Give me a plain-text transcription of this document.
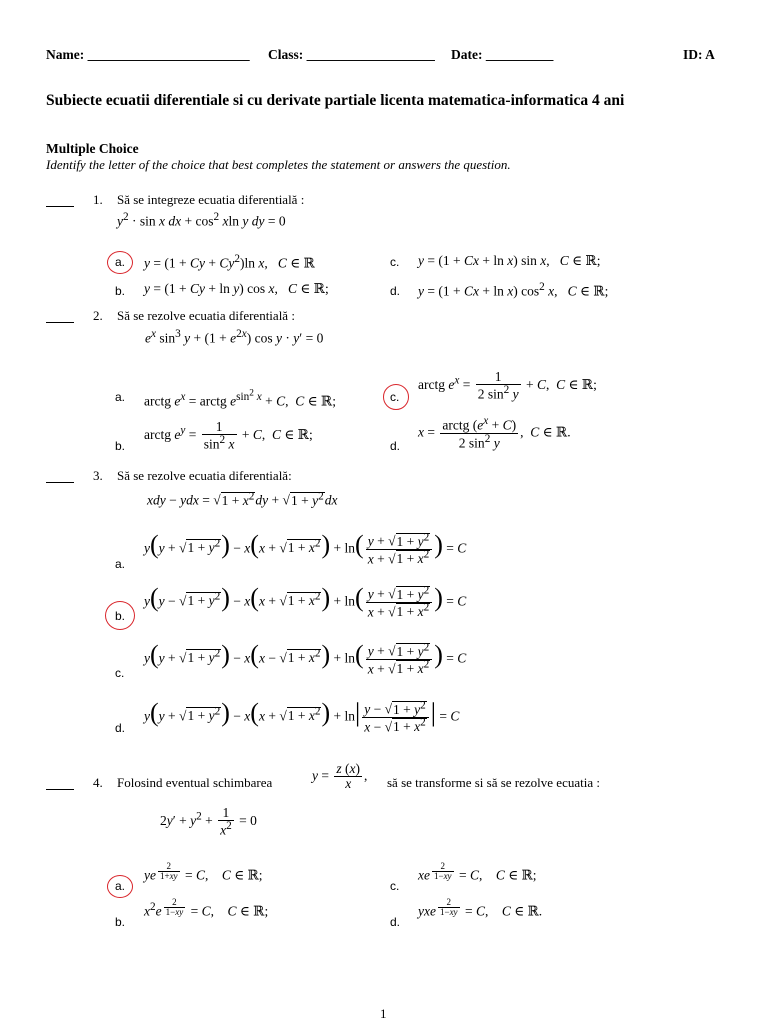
Name: ________________________ Class: ___________________ Date: __________	ID: A
Subiecte ecuatii diferentiale si cu derivate partiale licenta matematica-informatica 4 ani
Multiple Choice
Identify the letter of the choice that best completes the statement or answers the question.
1. Să se integreze ecuatia diferentială :
$y^2 \cdot \sin x$ dx + $\cos^2 xln$ y dy = 0
a. $y = (1 + Cy + Cy^2)\ln$ x,   C ∈ ℝ	c. y = (1 + Cx + ln x) sin x,   C ∈ ℝ;
b. y = (1 + Cy + ln y) cos x,   C ∈ ℝ;	d. y = (1 + Cx + ln x) $\cos^2 x$,   C ∈ ℝ;
2. Să se rezolve ecuatia diferentială :
$e^x$ $\sin^3 y + (1 + e^{2x})$ cos y · y′ = 0
a. arctg $e^x$ = arctg $e^{sin^2 x} + C$,  C ∈ ℝ;	c.
arctg $e^x = \frac{1}{2 \sin^2 y} + C$,  C ∈ ℝ;
b.
arctg $e^y = \frac{1}{\sin^2 x} + C$,  C ∈ ℝ;
d.
$x = \frac{arctg (e^x + C)}{2 \sin^2 y}$ ,  C ∈ ℝ.
3. Să se rezolve ecuatia diferentială:
xdy − ydx = $√1 + x^2dy + √1 + y^2dx$
a.
$y(y + √1 + y^2) - x(x + √1 + x^2) + \ln( \frac{y + √1 + y^2}{x + √1 + x^2}$ ) = C
b.
$y(y - √1 + y^2) - x(x + √1 + x^2) + \ln( \frac{y + √1 + y^2}{x + √1 + x^2}$ ) = C
c.
$y(y + √1 + y^2) - x(x - √1 + x^2) + \ln( \frac{y + √1 + y^2}{x + √1 + x^2}$ ) = C
d.
$y(y + √1 + y^2) - x(x + √1 + x^2) + \ln| \frac{y - √1 + y^2}{x - √1 + x^2}$ | = C
4. Folosind eventual schimbarea	$y = \frac{z (x)}{x}$ , să se transforme si să se rezolve ecuatia :
$2y' + y^2 + \frac{1}{x^2} = 0$
a.
ye $^{\frac{2}{1+xy}}$ = C,    C ∈ ℝ;
c.
xe $^{\frac{2}{1-xy}}$ = C,    C ∈ ℝ;
b.
$x^2e$ $^{\frac{2}{1-xy}}$ = C,    C ∈ ℝ;
d.
yxe $^{\frac{2}{1-xy}}$ = C,    C ∈ ℝ.
1
